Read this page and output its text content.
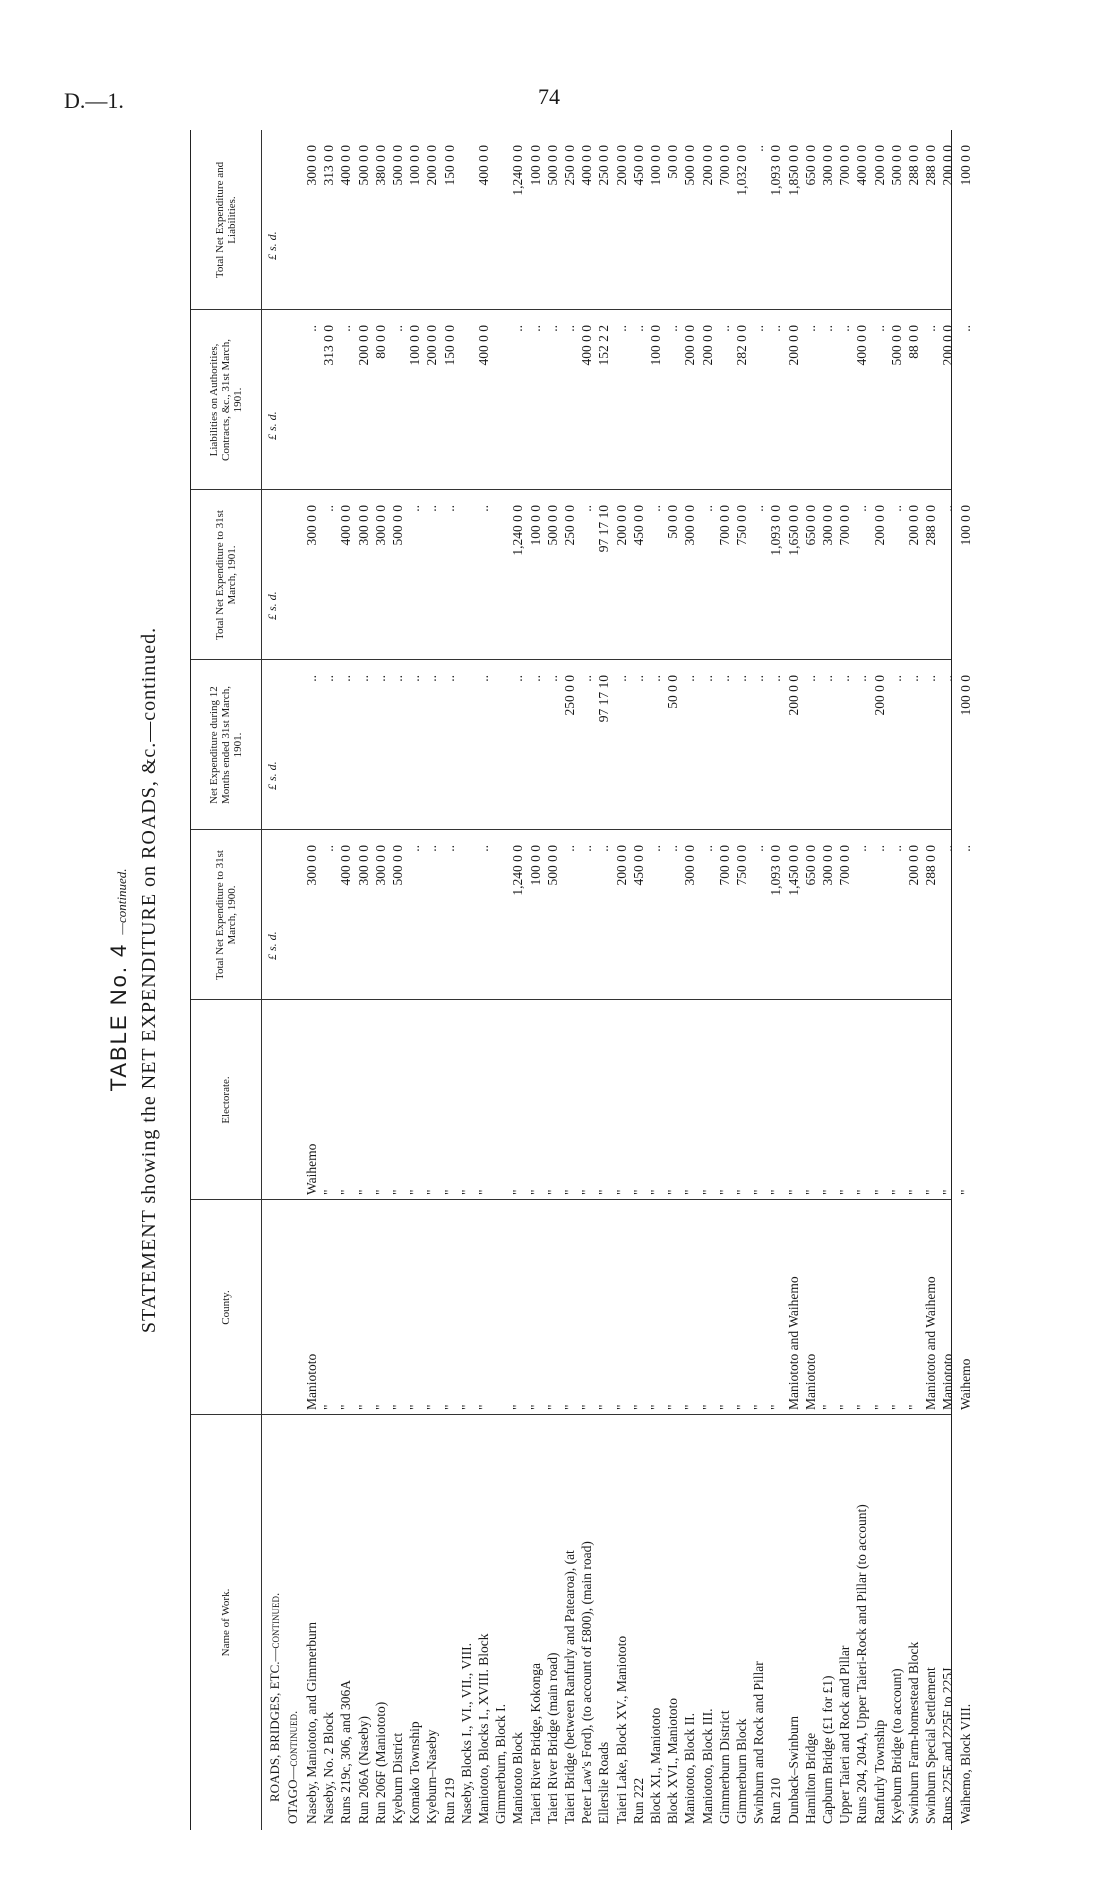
D.—1.	74
TABLE No. 4 —continued. STATEMENT showing the NET EXPENDITURE on ROADS, &c.—continued.
Name of Work.
County.
Electorate.
Total Net Expenditure to 31st March, 1900.
Net Expenditure during 12 Months ended 31st March, 1901.
Total Net Expenditure to 31st March, 1901.
Liabilities on Authorities, Contracts, &c., 31st March, 1901.
Total Net Expenditure and Liabilities.
£ s. d.
£ s. d.
£ s. d.
£ s. d.
£ s. d.
ROADS, BRIDGES, ETC.—continued. OTAGO—continued. Naseby, Maniototo, and Gimmerburn
Maniototo
Waihemo
300 0 0
..
300 0 0
..
300 0 0
Naseby, No. 2 Block
"
"
..
..
..
313 0 0
313 0 0
Runs 219c, 306, and 306A
"
"
400 0 0
..
400 0 0
..
400 0 0
Run 206A (Naseby)
"
"
300 0 0
..
300 0 0
200 0 0
500 0 0
Run 206F (Maniototo)
"
"
300 0 0
..
300 0 0
80 0 0
380 0 0
Kyeburn District
"
"
500 0 0
..
500 0 0
..
500 0 0
Komako Township
"
"
..
..
..
100 0 0
100 0 0
Kyeburn–Naseby
"
"
..
..
..
200 0 0
200 0 0
Run 219
"
"
..
..
..
150 0 0
150 0 0
Naseby, Blocks I., VI., VII., VIII.
"
"
Maniototo, Blocks I., XVIII. Block
"
"
..
..
..
400 0 0
400 0 0
Gimmerburn, Block I. Maniototo Block
"
"
1,240 0 0
..
1,240 0 0
..
1,240 0 0
Taieri River Bridge, Kokonga
"
"
100 0 0
..
100 0 0
..
100 0 0
Taieri River Bridge (main road)
"
"
500 0 0
..
500 0 0
..
500 0 0
Taieri Bridge (between Ranfurly and Patearoa), (at
"
"
..
250 0 0
250 0 0
..
250 0 0
Peter Law's Ford), (to account of £800), (main road)
"
"
..
..
..
400 0 0
400 0 0
Ellerslie Roads
"
"
..
97 17 10
97 17 10
152 2 2
250 0 0
Taieri Lake, Block XV., Maniototo
"
"
200 0 0
..
200 0 0
..
200 0 0
Run 222
"
"
450 0 0
..
450 0 0
..
450 0 0
Block XI., Maniototo
"
"
..
..
..
100 0 0
100 0 0
Block XVI., Maniototo
"
"
..
50 0 0
50 0 0
..
50 0 0
Maniototo, Block II.
"
"
300 0 0
..
300 0 0
200 0 0
500 0 0
Maniototo, Block III.
"
"
..
..
..
200 0 0
200 0 0
Gimmerburn District
"
"
700 0 0
..
700 0 0
..
700 0 0
Gimmerburn Block
"
"
750 0 0
..
750 0 0
282 0 0
1,032 0 0
Swinburn and Rock and Pillar
"
"
..
..
..
..
..
Run 210
"
"
1,093 0 0
..
1,093 0 0
..
1,093 0 0
Dunback–Swinburn
Maniototo and Waihemo
"
1,450 0 0
200 0 0
1,650 0 0
200 0 0
1,850 0 0
Hamilton Bridge
Maniototo
"
650 0 0
..
650 0 0
..
650 0 0
Capburn Bridge (£1 for £1)
"
"
300 0 0
..
300 0 0
..
300 0 0
Upper Taieri and Rock and Pillar
"
"
700 0 0
..
700 0 0
..
700 0 0
Runs 204, 204A, Upper Taieri-Rock and Pillar (to account)
"
"
..
..
..
400 0 0
400 0 0
Ranfurly Township
"
"
..
200 0 0
200 0 0
..
200 0 0
Kyeburn Bridge (to account)
"
"
..
..
..
500 0 0
500 0 0
Swinburn Farm-homestead Block
"
"
200 0 0
..
200 0 0
88 0 0
288 0 0
Swinburn Special Settlement
Maniototo and Waihemo
"
288 0 0
..
288 0 0
..
288 0 0
Runs 225E and 225F to 225J
Maniototo
"
..
..
..
200 0 0
200 0 0
Waihemo, Block VIII.
Waihemo
"
..
100 0 0
100 0 0
..
100 0 0
